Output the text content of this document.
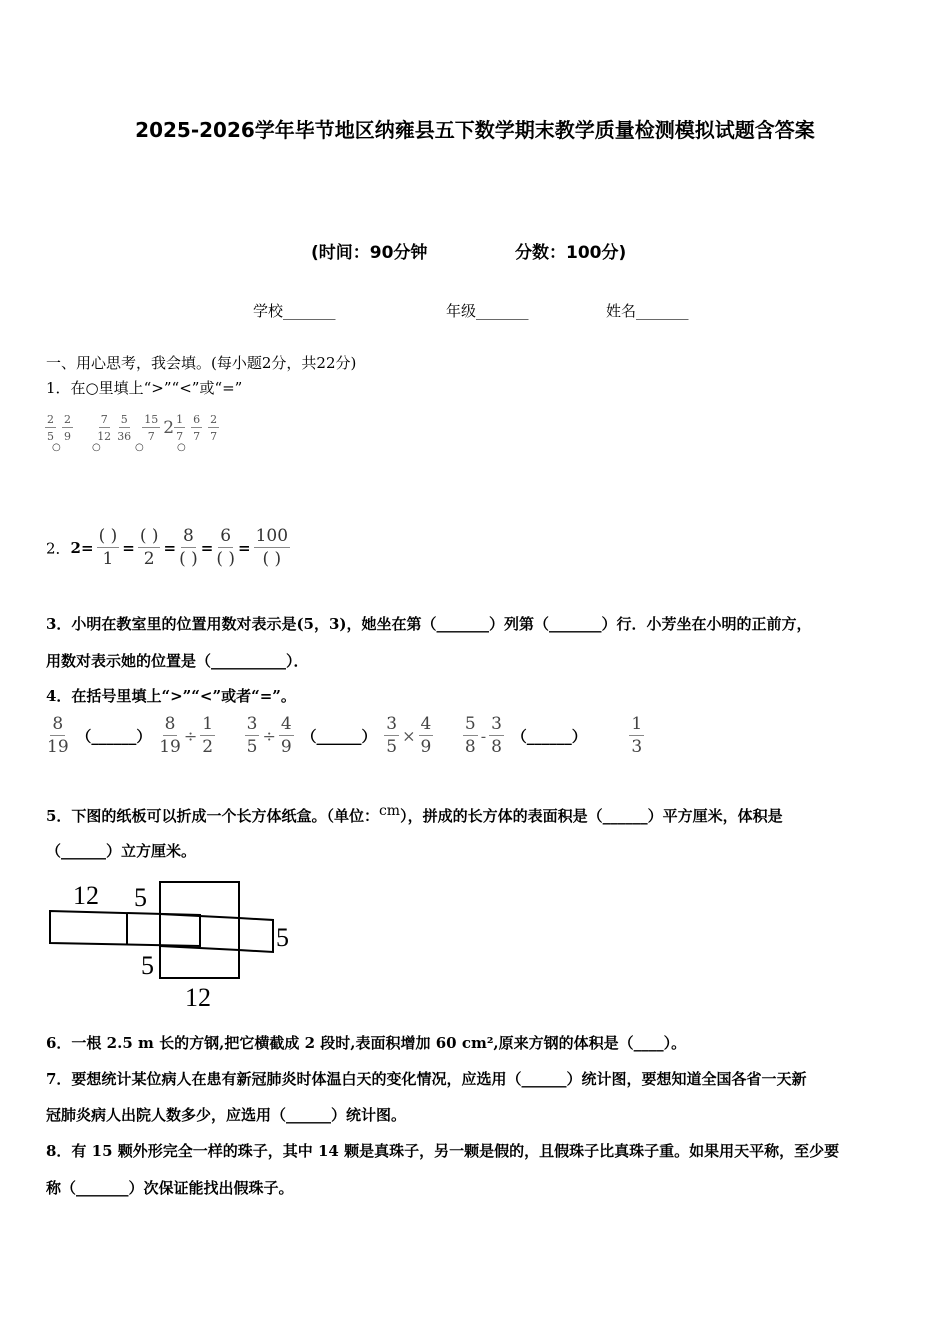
2025-2026学年毕节地区纳雍县五下数学期末教学质量检测模拟试题含答案
(时间：90分钟	分数：100分)
学校_______	年级_______	姓名_______
一、用心思考，我会填。(每小题2分，共22分)
1．在○里填上“>”“<”或“=”
$\frac{2}{5} \frac{2}{9}$
$\frac{7}{12} \frac{5}{36}$
$\frac{15}{7} 2 \frac{1}{7} \frac{6}{7} \frac{2}{7}$
○	○	○	○
2．$2= \frac{( )}{1} = \frac{( )}{2} = \frac{8}{( )} = \frac{6}{( )} = \frac{100}{( )}$
3．小明在教室里的位置用数对表示是(5，3)，她坐在第（_______）列第（_______）行．小芳坐在小明的正前方，
用数对表示她的位置是（__________）．
4．在括号里填上“>”“<”或者“=”。
$\frac{8}{19}$ （______） $\frac{8}{19} \div \frac{1}{2}$
$\frac{3}{5} \div \frac{4}{9}$ （______） $\frac{3}{5} \times \frac{4}{9}$
$\frac{5}{8} - \frac{3}{8}$ （______）	$\frac{1}{3}$
5．下图的纸板可以折成一个长方体纸盒。（单位：cm），拼成的长方体的表面积是（______）平方厘米，体积是
（______）立方厘米。
12 5
5
5
12
6．一根 2.5 m 长的方钢,把它横截成 2 段时,表面积增加 60 cm²,原来方钢的体积是（____）。
7．要想统计某位病人在患有新冠肺炎时体温白天的变化情况，应选用（______）统计图，要想知道全国各省一天新
冠肺炎病人出院人数多少，应选用（______）统计图。
8．有 15 颗外形完全一样的珠子，其中 14 颗是真珠子，另一颗是假的，且假珠子比真珠子重。如果用天平称，至少要
称（_______）次保证能找出假珠子。
